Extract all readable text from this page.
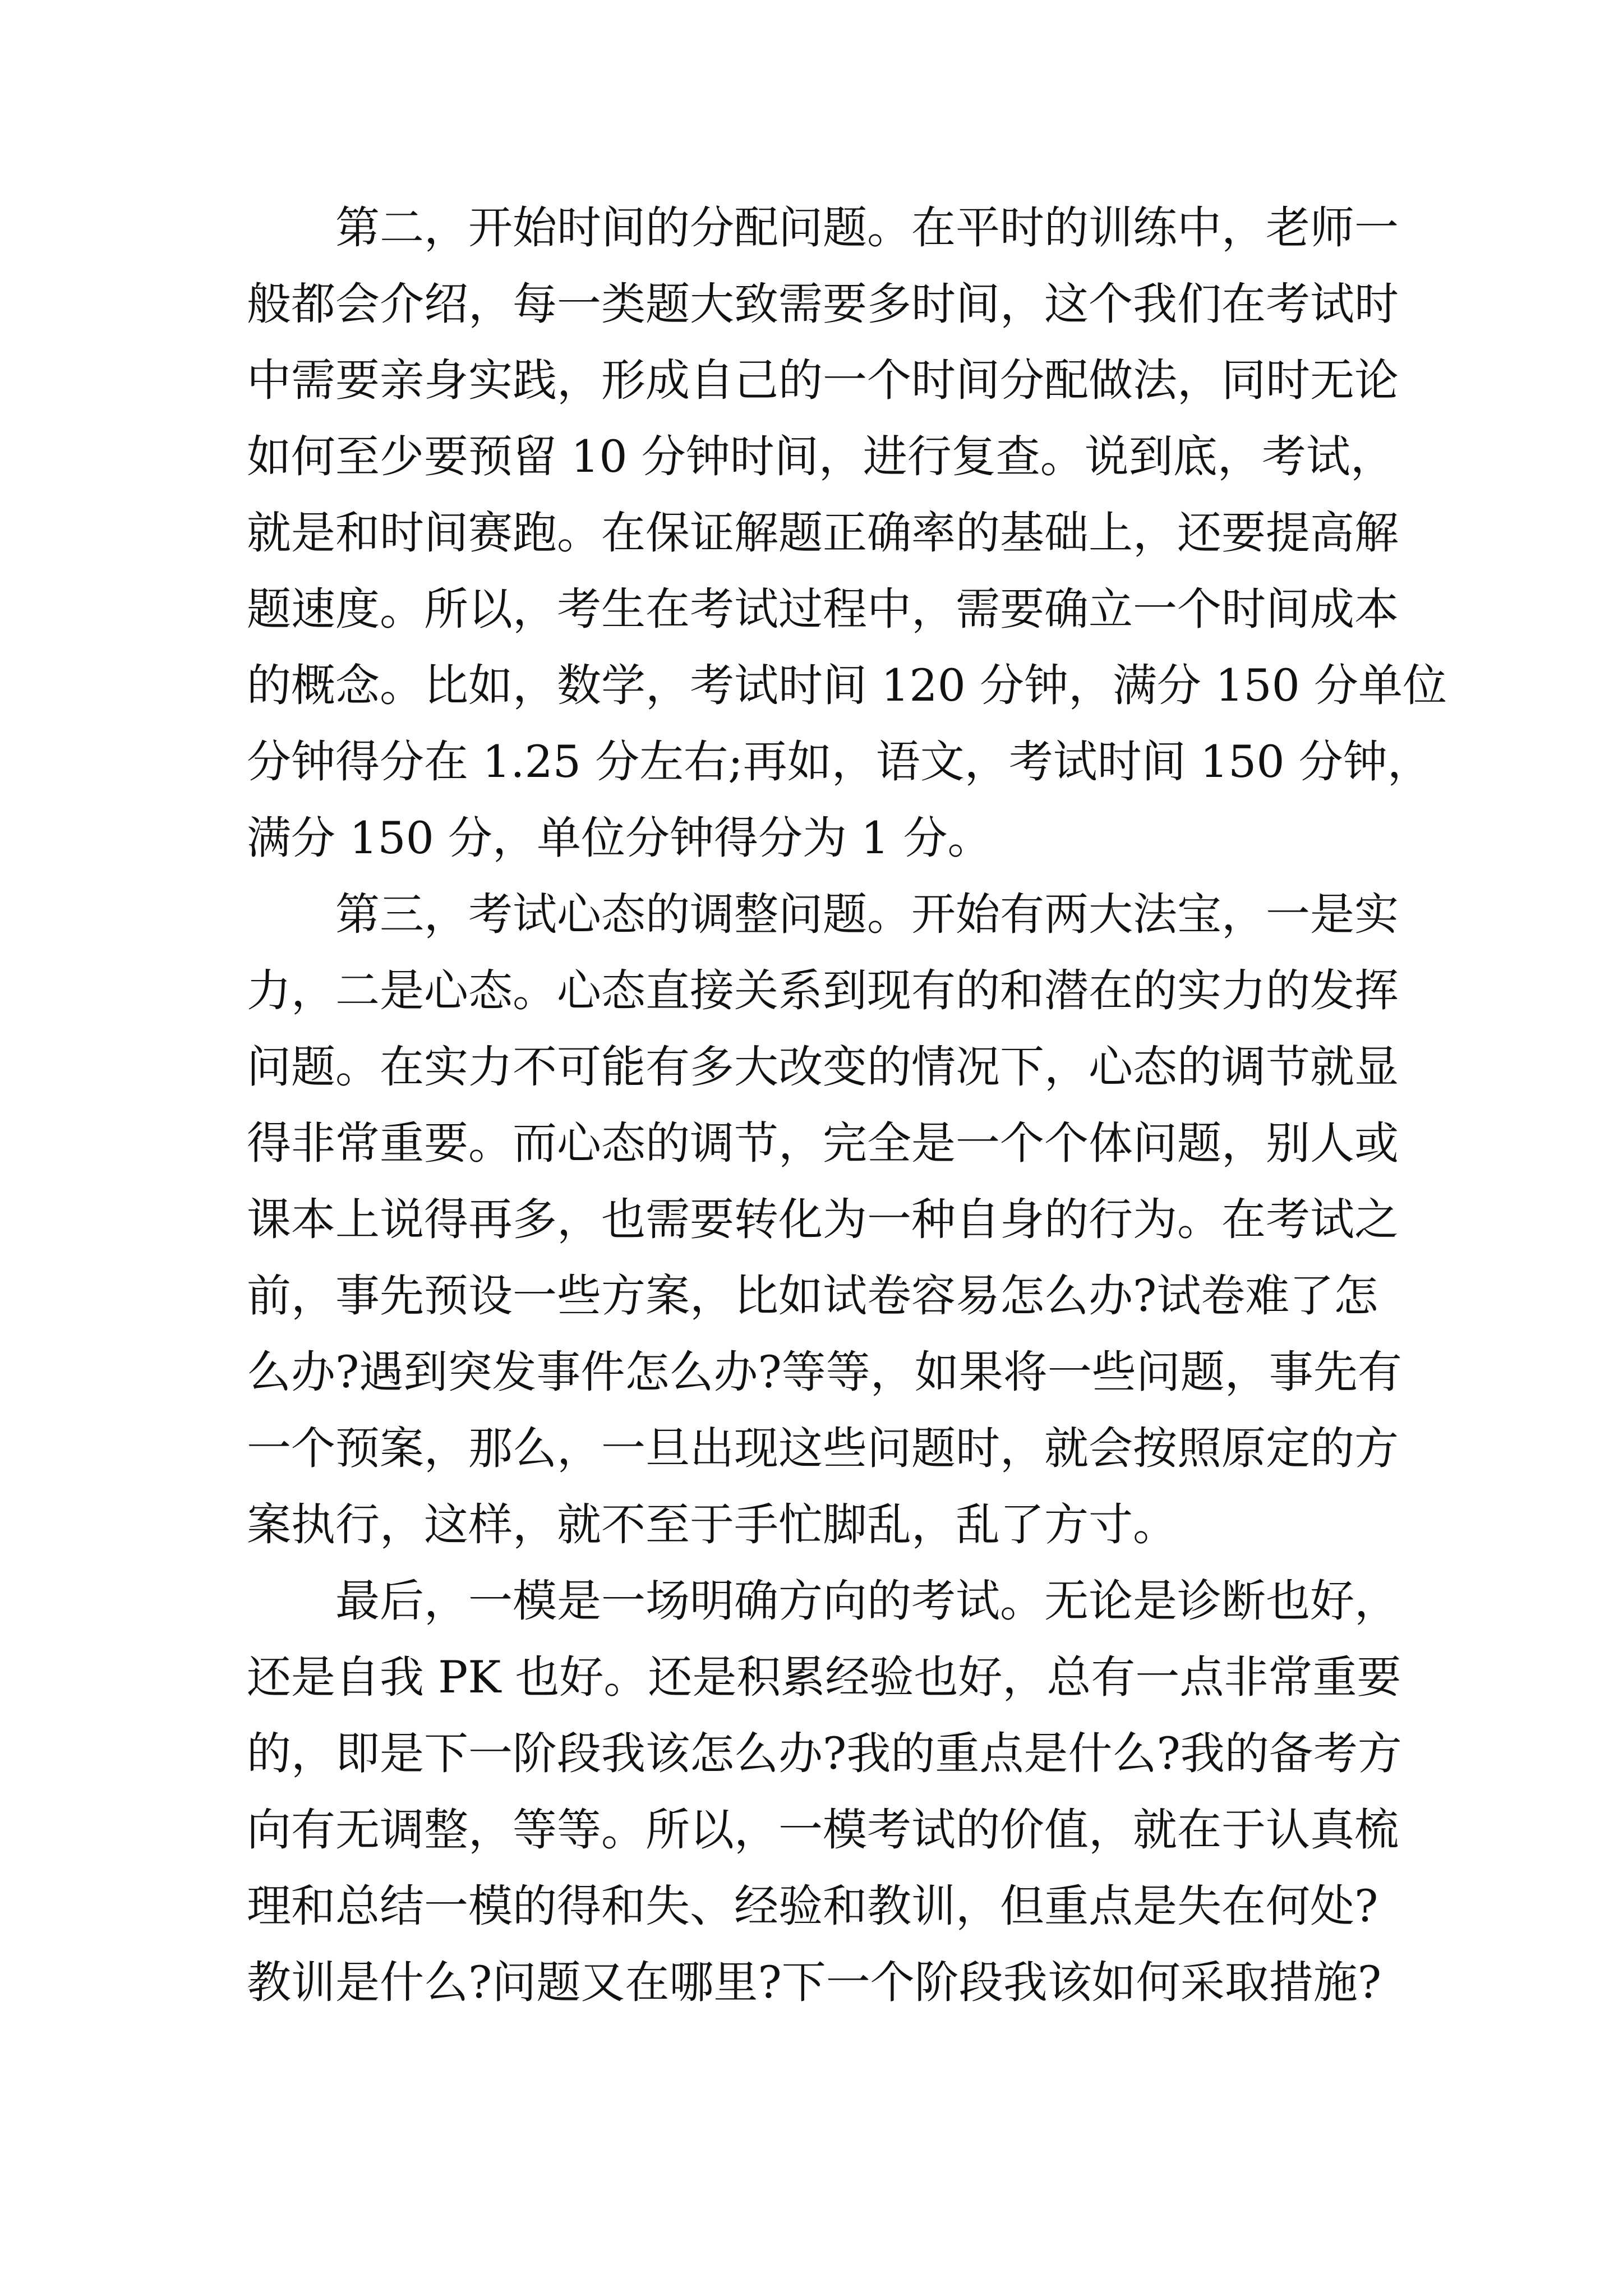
　　第二，开始时间的分配问题。在平时的训练中，老师一
般都会介绍，每一类题大致需要多时间，这个我们在考试时
中需要亲身实践，形成自己的一个时间分配做法，同时无论
如何至少要预留 10 分钟时间，进行复查。说到底，考试，
就是和时间赛跑。在保证解题正确率的基础上，还要提高解
题速度。所以，考生在考试过程中，需要确立一个时间成本
的概念。比如，数学，考试时间 120 分钟，满分 150 分单位
分钟得分在 1.25 分左右;再如，语文，考试时间 150 分钟，
满分 150 分，单位分钟得分为 1 分。
　　第三，考试心态的调整问题。开始有两大法宝，一是实
力，二是心态。心态直接关系到现有的和潜在的实力的发挥
问题。在实力不可能有多大改变的情况下，心态的调节就显
得非常重要。而心态的调节，完全是一个个体问题，别人或
课本上说得再多，也需要转化为一种自身的行为。在考试之
前，事先预设一些方案，比如试卷容易怎么办?试卷难了怎
么办?遇到突发事件怎么办?等等，如果将一些问题，事先有
一个预案，那么，一旦出现这些问题时，就会按照原定的方
案执行，这样，就不至于手忙脚乱，乱了方寸。
　　最后，一模是一场明确方向的考试。无论是诊断也好，
还是自我 PK 也好。还是积累经验也好，总有一点非常重要
的，即是下一阶段我该怎么办?我的重点是什么?我的备考方
向有无调整，等等。所以，一模考试的价值，就在于认真梳
理和总结一模的得和失、经验和教训，但重点是失在何处?
教训是什么?问题又在哪里?下一个阶段我该如何采取措施?
